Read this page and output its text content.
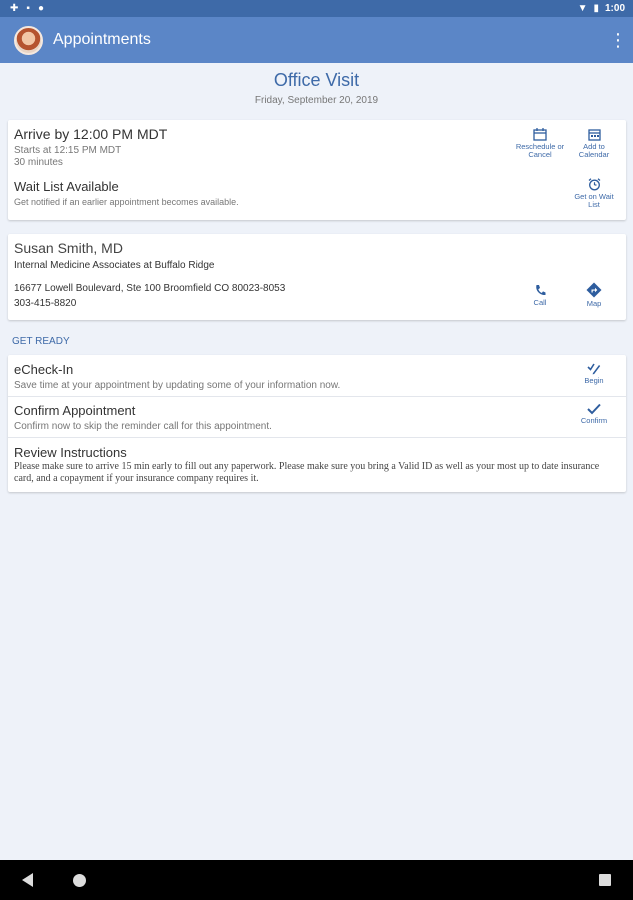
✚ ▪ ●	▼ ▮ 1:00
Appointments	⋮
Office Visit
Friday, September 20, 2019
Arrive by 12:00 PM MDT
Starts at 12:15 PM MDT
30 minutes
Wait List Available
Get notified if an earlier appointment becomes available.
Reschedule or
Cancel
Add to
Calendar
Get on Wait
List
Susan Smith, MD
Internal Medicine Associates at Buffalo Ridge
16677 Lowell Boulevard, Ste 100 Broomfield CO 80023-8053
303-415-8820	Call	Map
GET READY
eCheck-In
Save time at your appointment by updating some of your information now.	Begin
Confirm Appointment
Confirm now to skip the reminder call for this appointment.
Confirm
Review Instructions
Please make sure to arrive 15 min early to fill out any paperwork. Please make sure you bring a Valid ID as well as your most up to date insurance card, and a copayment if your insurance company requires it.
